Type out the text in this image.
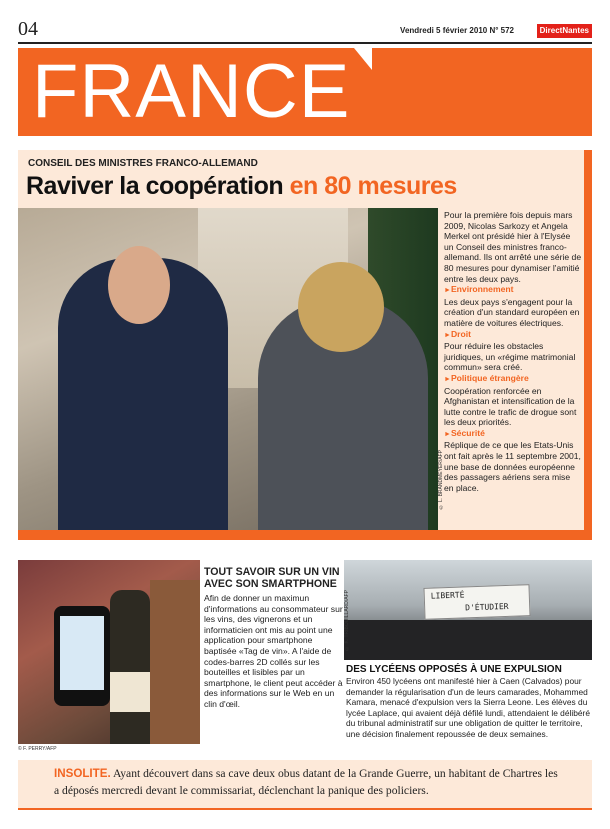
04	Vendredi 5 février 2010 N° 572	DirectNantes
FRANCE
CONSEIL DES MINISTRES FRANCO-ALLEMAND
Raviver la coopération en 80 mesures
© L. BRANDMEYER/AFP

Pour la première fois depuis mars 2009, Nicolas Sarkozy et Angela Merkel ont présidé hier à l'Elysée un Conseil des ministres franco-allemand. Ils ont arrêté une série de 80 mesures pour dynamiser l'amitié entre les deux pays.

► Environnement

Les deux pays s'engagent pour la création d'un standard européen en matière de voitures électriques.

► Droit

Pour réduire les obstacles juridiques, un «régime matrimonial commun» sera créé.

► Politique étrangère

Coopération renforcée en Afghanistan et intensification de la lutte contre le trafic de drogue sont les deux priorités.

► Sécurité

Réplique de ce que les Etats-Unis ont fait après le 11 septembre 2001, une base de données européenne des passagers aériens sera mise en place.

© F. PERRY/AFP
TOUT SAVOIR SUR UN VIN AVEC SON SMARTPHONE
Afin de donner un maximun d'informations au consommateur sur les vins, des vignerons et un informaticien ont mis au point une application pour smartphone baptisée «Tag de vin». A l'aide de codes-barres 2D collés sur les bouteilles et lisibles par un smartphone, le client peut accéder à des informations sur le Web en un clin d'œil.
LIBERTÉ
D'ÉTUDIER
© K. TRIBOUILLARD/AFP
DES LYCÉENS OPPOSÉS À UNE EXPULSION
Environ 450 lycéens ont manifesté hier à Caen (Calvados) pour demander la régularisation d'un de leurs camarades, Mohammed Kamara, menacé d'expulsion vers la Sierra Leone. Les élèves du lycée Laplace, qui avaient déjà défilé lundi, attendaient le délibéré du tribunal administratif sur une obligation de quitter le territoire, une décision finalement repoussée de deux semaines.
INSOLITE. Ayant découvert dans sa cave deux obus datant de la Grande Guerre, un habitant de Chartres les a déposés mercredi devant le commissariat, déclenchant la panique des policiers.
